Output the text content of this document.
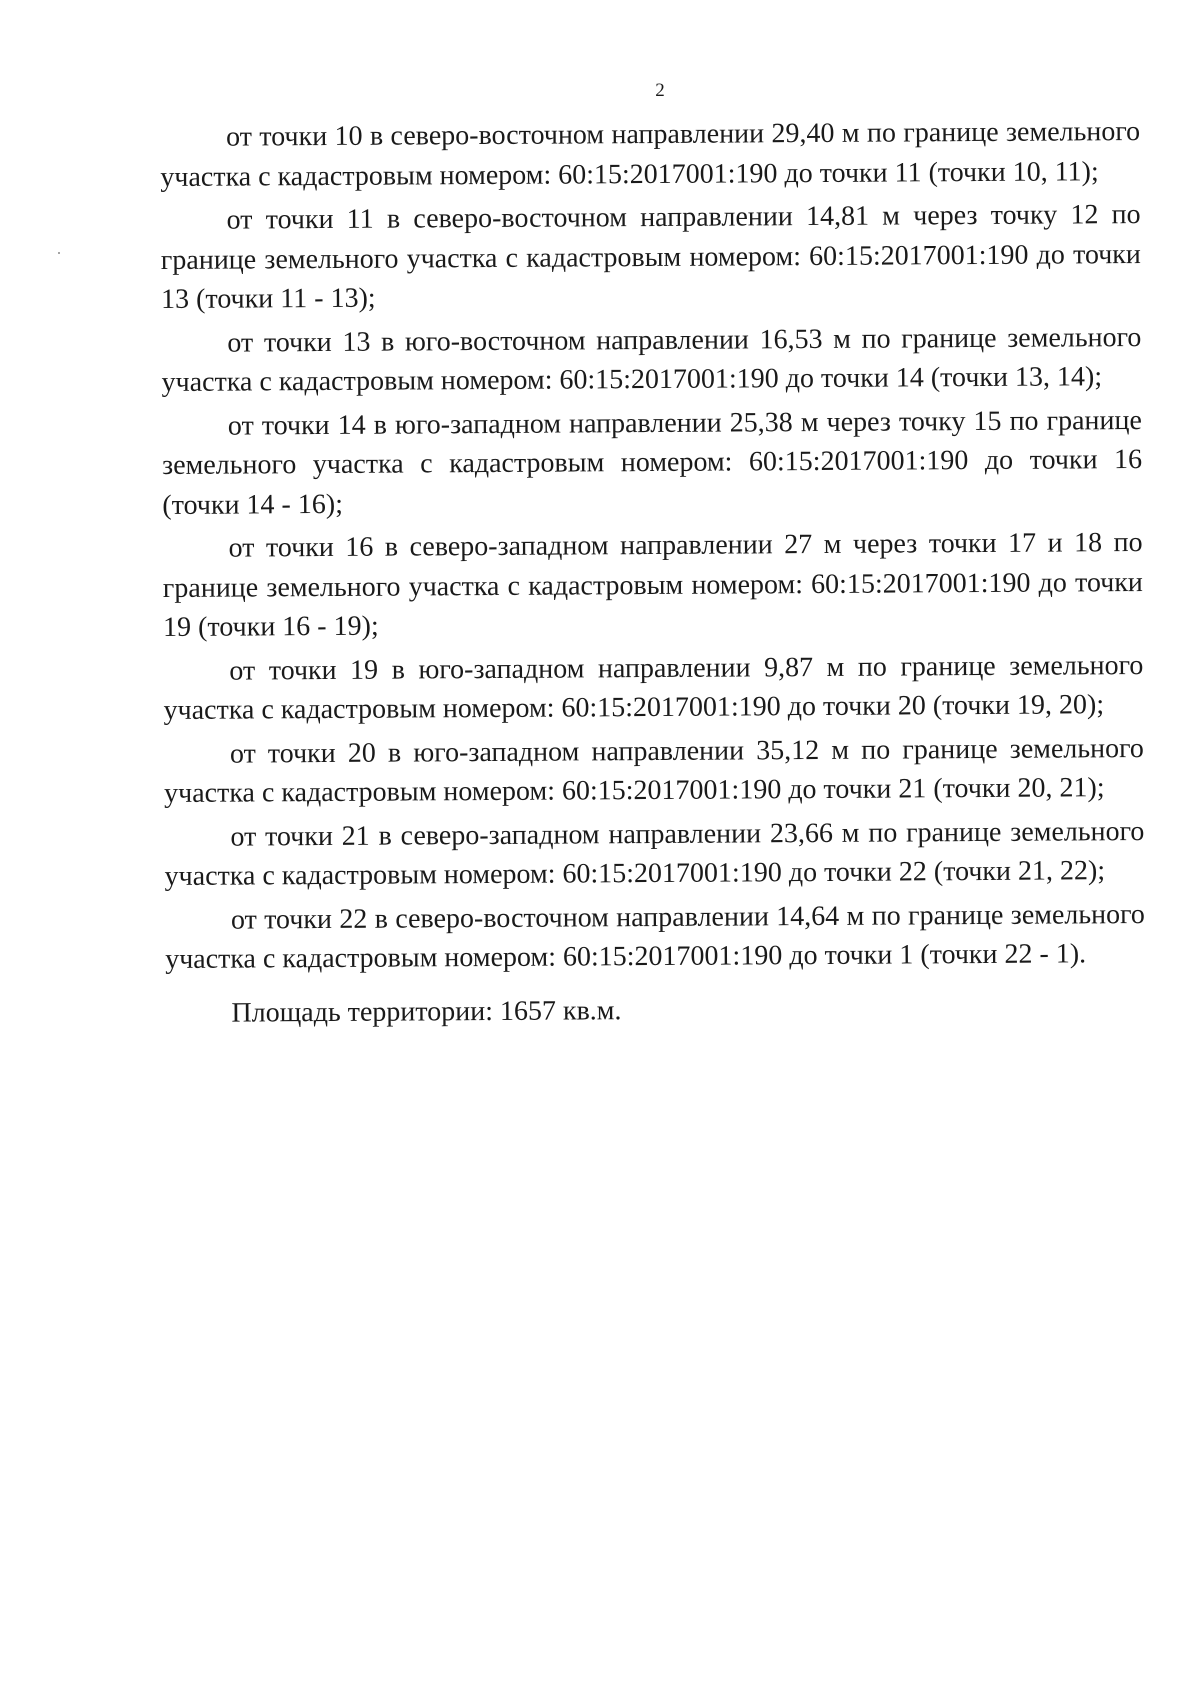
2

от точки 10 в северо-восточном направлении 29,40 м по границе земельного участка с кадастровым номером: 60:15:2017001:190 до точки 11 (точки 10, 11);

от точки 11 в северо-восточном направлении 14,81 м через точку 12 по границе земельного участка с кадастровым номером: 60:15:2017001:190 до точки 13 (точки 11 - 13);

от точки 13 в юго-восточном направлении 16,53 м по границе земельного участка с кадастровым номером: 60:15:2017001:190 до точки 14 (точки 13, 14);

от точки 14 в юго-западном направлении 25,38 м через точку 15 по границе земельного участка с кадастровым номером: 60:15:2017001:190 до точки 16 (точки 14 - 16);

от точки 16 в северо-западном направлении 27 м через точки 17 и 18 по границе земельного участка с кадастровым номером: 60:15:2017001:190 до точки 19 (точки 16 - 19);

от точки 19 в юго-западном направлении 9,87 м по границе земельного участка с кадастровым номером: 60:15:2017001:190 до точки 20 (точки 19, 20);

от точки 20 в юго-западном направлении 35,12 м по границе земельного участка с кадастровым номером: 60:15:2017001:190 до точки 21 (точки 20, 21);

от точки 21 в северо-западном направлении 23,66 м по границе земельного участка с кадастровым номером: 60:15:2017001:190 до точки 22 (точки 21, 22);

от точки 22 в северо-восточном направлении 14,64 м по границе земельного участка с кадастровым номером: 60:15:2017001:190 до точки 1 (точки 22 - 1).

Площадь территории: 1657 кв.м.
